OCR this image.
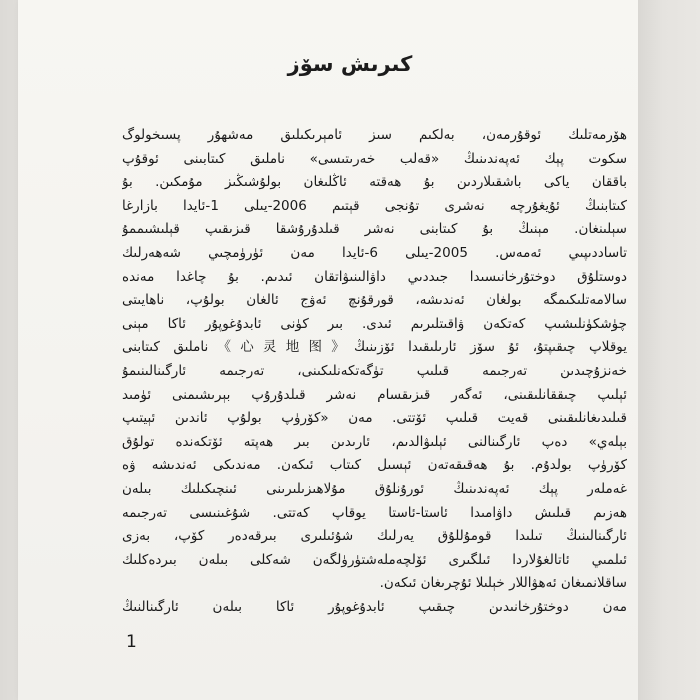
كىرىش سۆز
ھۆرمەتلىك ئوقۇرمەن، بەلكىم سىز ئامېرىكىلىق مەشھۇر پسىخولوگ
سكوت پېك ئەپەندىنىڭ «قەلب خەرىتىسى» ناملىق كىتابىنى ئوقۇپ
باققان ياكى باشقىلاردىن بۇ ھەقتە ئاڭلىغان بولۇشىڭىز مۇمكىن. بۇ
كىتابنىڭ ئۇيغۇرچە نەشرى تۇنجى قېتىم 2006-يىلى 1-ئايدا بازارغا
سېلىنغان. مېنىڭ بۇ كىتابنى نەشر قىلدۇرۇشقا قىزىقىپ قېلىشىممۇ
تاساددىپىي ئەمەس. 2005-يىلى 6-ئايدا مەن ئۈرۈمچىي شەھەرلىك
دوستلۇق دوختۇرخانىسىدا جىددىي داۋالىنىۋاتقان ئىدىم. بۇ چاغدا مەندە
سالامەتلىكىمگە بولغان ئەندىشە، قورقۇنچ ئەۋج ئالغان بولۇپ، ناھايىتى
چۈشكۈنلىشىپ كەتكەن ۋاقىتلىرىم ئىدى. بىر كۈنى ئابدۇغوپۇر ئاكا مېنى
يوقلاپ چىقىپتۇ، ئۇ سۆز ئارىلىقىدا ئۆزىنىڭ《心灵地图》ناملىق كىتابنى
خەنزۇچىدىن تەرجىمە قىلىپ تۈگەتكەنلىكىنى، تەرجىمە ئارگىنالىنىمۇ
ئېلىپ چىققانلىقىنى، ئەگەر قىزىقسام نەشر قىلدۇرۇپ بېرىشىمنى ئۈمىد
قىلىدىغانلىقىنى قەيت قىلىپ ئۆتتى. مەن «كۆرۈپ بولۇپ ئاندىن ئېيتىپ
بېلەي» دەپ ئارگىنالنى ئېلىۋالدىم، ئارىدىن بىر ھەپتە ئۆتكەندە تولۇق
كۆرۈپ بولدۇم. بۇ ھەقىقەتەن ئېسىل كىتاب ئىكەن. مەندىكى ئەندىشە ۋە
غەملەر پېك ئەپەندىنىڭ ئورۇنلۇق مۇلاھىزىلىرىنى ئىنچىكىلىك بىلەن
ھەزىم قىلىش داۋامىدا ئاستا-ئاستا يوقاپ كەتتى. شۇغىنىسى تەرجىمە
ئارگىنالىنىڭ تىلىدا قومۇللۇق يەرلىك شۇئىلىرى بىرقەدەر كۆپ، بەزى
ئىلمىي ئاتالغۇلاردا ئىلگىرى ئۆلچەملەشتۈرۈلگەن شەكلى بىلەن بىردەكلىك
ساقلانمىغان ئەھۋاللار خېلىلا ئۇچرىغان ئىكەن.
مەن دوختۇرخانىدىن چىقىپ ئابدۇغوپۇر ئاكا بىلەن ئارگىنالنىڭ
1
